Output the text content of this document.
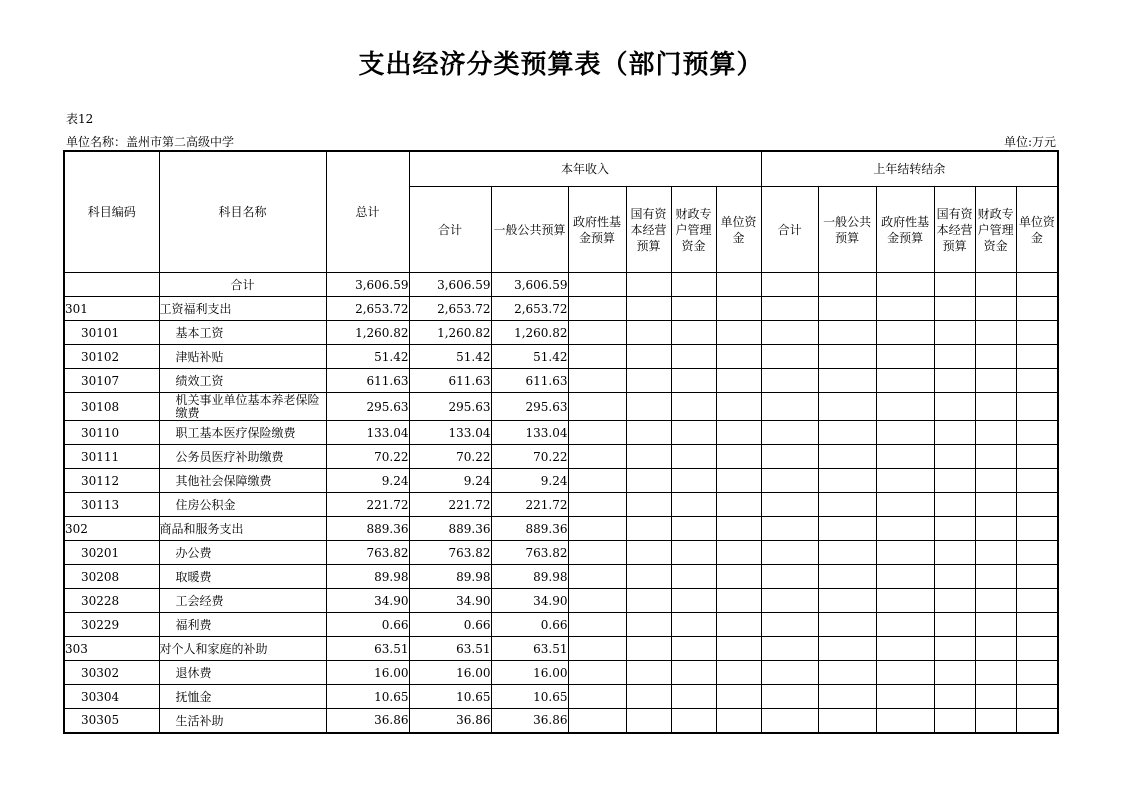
支出经济分类预算表（部门预算）
表12
单位名称：盖州市第二高级中学	单位:万元
科目编码	科目名称	总计	本年收入						上年结转结余					
			合计	一般公共预算	政府性基金预算	国有资本经营预算	财政专户管理资金	单位资金	合计	一般公共预算	政府性基金预算	国有资本经营预算	财政专户管理资金	单位资金
	合计	3,606.59	3,606.59	3,606.59										
301	工资福利支出	2,653.72	2,653.72	2,653.72										
30101	基本工资	1,260.82	1,260.82	1,260.82										
30102	津贴补贴	51.42	51.42	51.42										
30107	绩效工资	611.63	611.63	611.63										
30108	机关事业单位基本养老保险缴费	295.63	295.63	295.63										
30110	职工基本医疗保险缴费	133.04	133.04	133.04										
30111	公务员医疗补助缴费	70.22	70.22	70.22										
30112	其他社会保障缴费	9.24	9.24	9.24										
30113	住房公积金	221.72	221.72	221.72										
302	商品和服务支出	889.36	889.36	889.36										
30201	办公费	763.82	763.82	763.82										
30208	取暖费	89.98	89.98	89.98										
30228	工会经费	34.90	34.90	34.90										
30229	福利费	0.66	0.66	0.66										
303	对个人和家庭的补助	63.51	63.51	63.51										
30302	退休费	16.00	16.00	16.00										
30304	抚恤金	10.65	10.65	10.65										
30305	生活补助	36.86	36.86	36.86										
